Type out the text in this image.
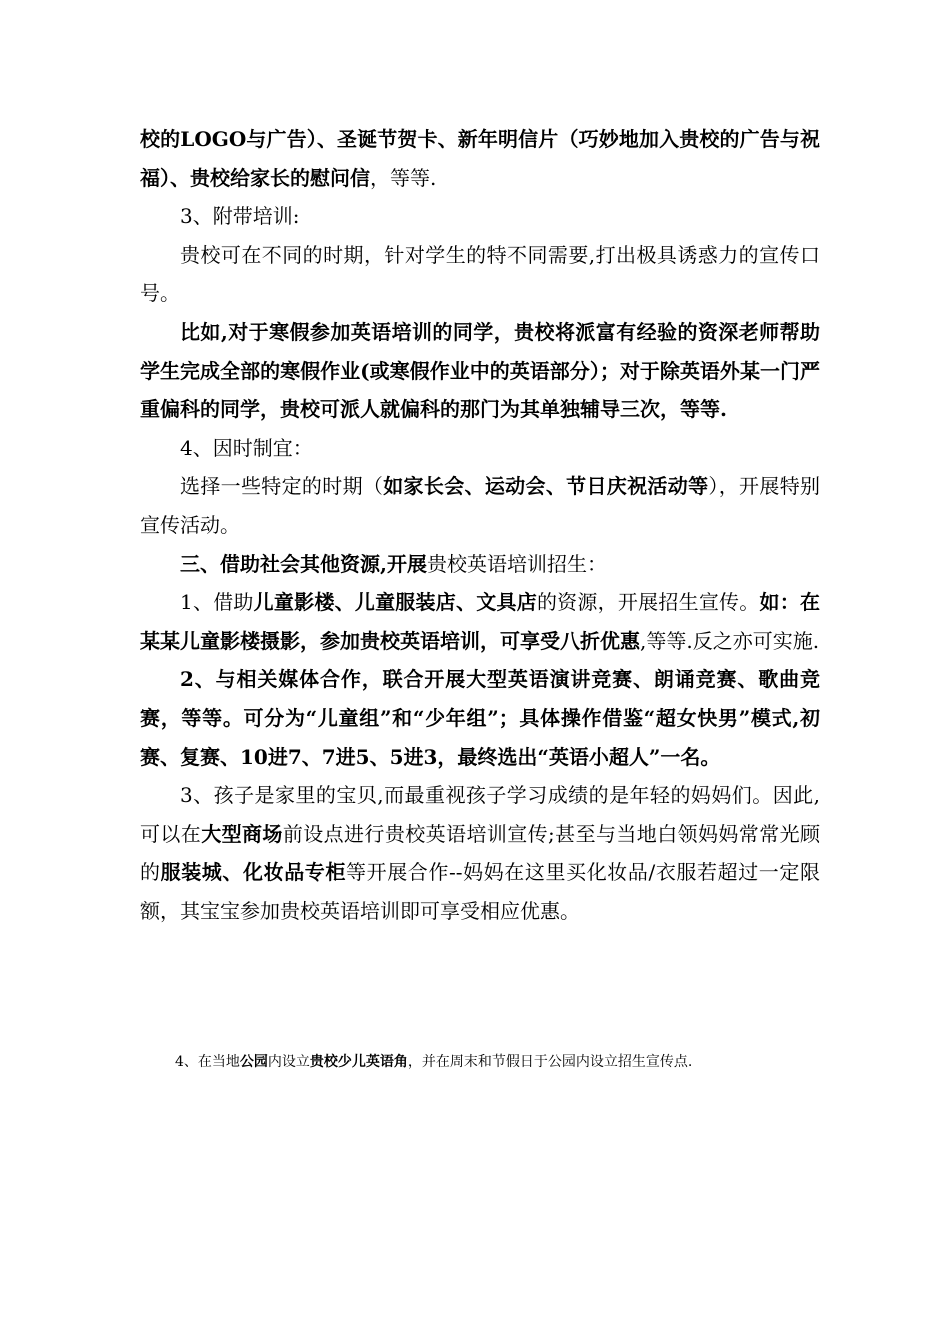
校的LOGO与广告）、圣诞节贺卡、新年明信片（巧妙地加入贵校的广告与祝福）、贵校给家长的慰问信，等等.

3、附带培训:

贵校可在不同的时期，针对学生的特不同需要,打出极具诱惑力的宣传口号。

比如,对于寒假参加英语培训的同学，贵校将派富有经验的资深老师帮助学生完成全部的寒假作业(或寒假作业中的英语部分）；对于除英语外某一门严重偏科的同学，贵校可派人就偏科的那门为其单独辅导三次，等等.

4、因时制宜：

选择一些特定的时期（如家长会、运动会、节日庆祝活动等），开展特别宣传活动。

三、借助社会其他资源,开展贵校英语培训招生：

1、借助儿童影楼、儿童服装店、文具店的资源，开展招生宣传。如：在某某儿童影楼摄影，参加贵校英语培训，可享受八折优惠,等等.反之亦可实施.

2、与相关媒体合作，联合开展大型英语演讲竞赛、朗诵竞赛、歌曲竞赛，等等。可分为“儿童组”和“少年组”；具体操作借鉴“超女快男”模式,初赛、复赛、10进7、7进5、5进3，最终选出“英语小超人”一名。

3、孩子是家里的宝贝,而最重视孩子学习成绩的是年轻的妈妈们。因此,可以在大型商场前设点进行贵校英语培训宣传;甚至与当地白领妈妈常常光顾的服装城、化妆品专柜等开展合作--妈妈在这里买化妆品/衣服若超过一定限额，其宝宝参加贵校英语培训即可享受相应优惠。

4、在当地公园内设立贵校少儿英语角，并在周末和节假日于公园内设立招生宣传点.
